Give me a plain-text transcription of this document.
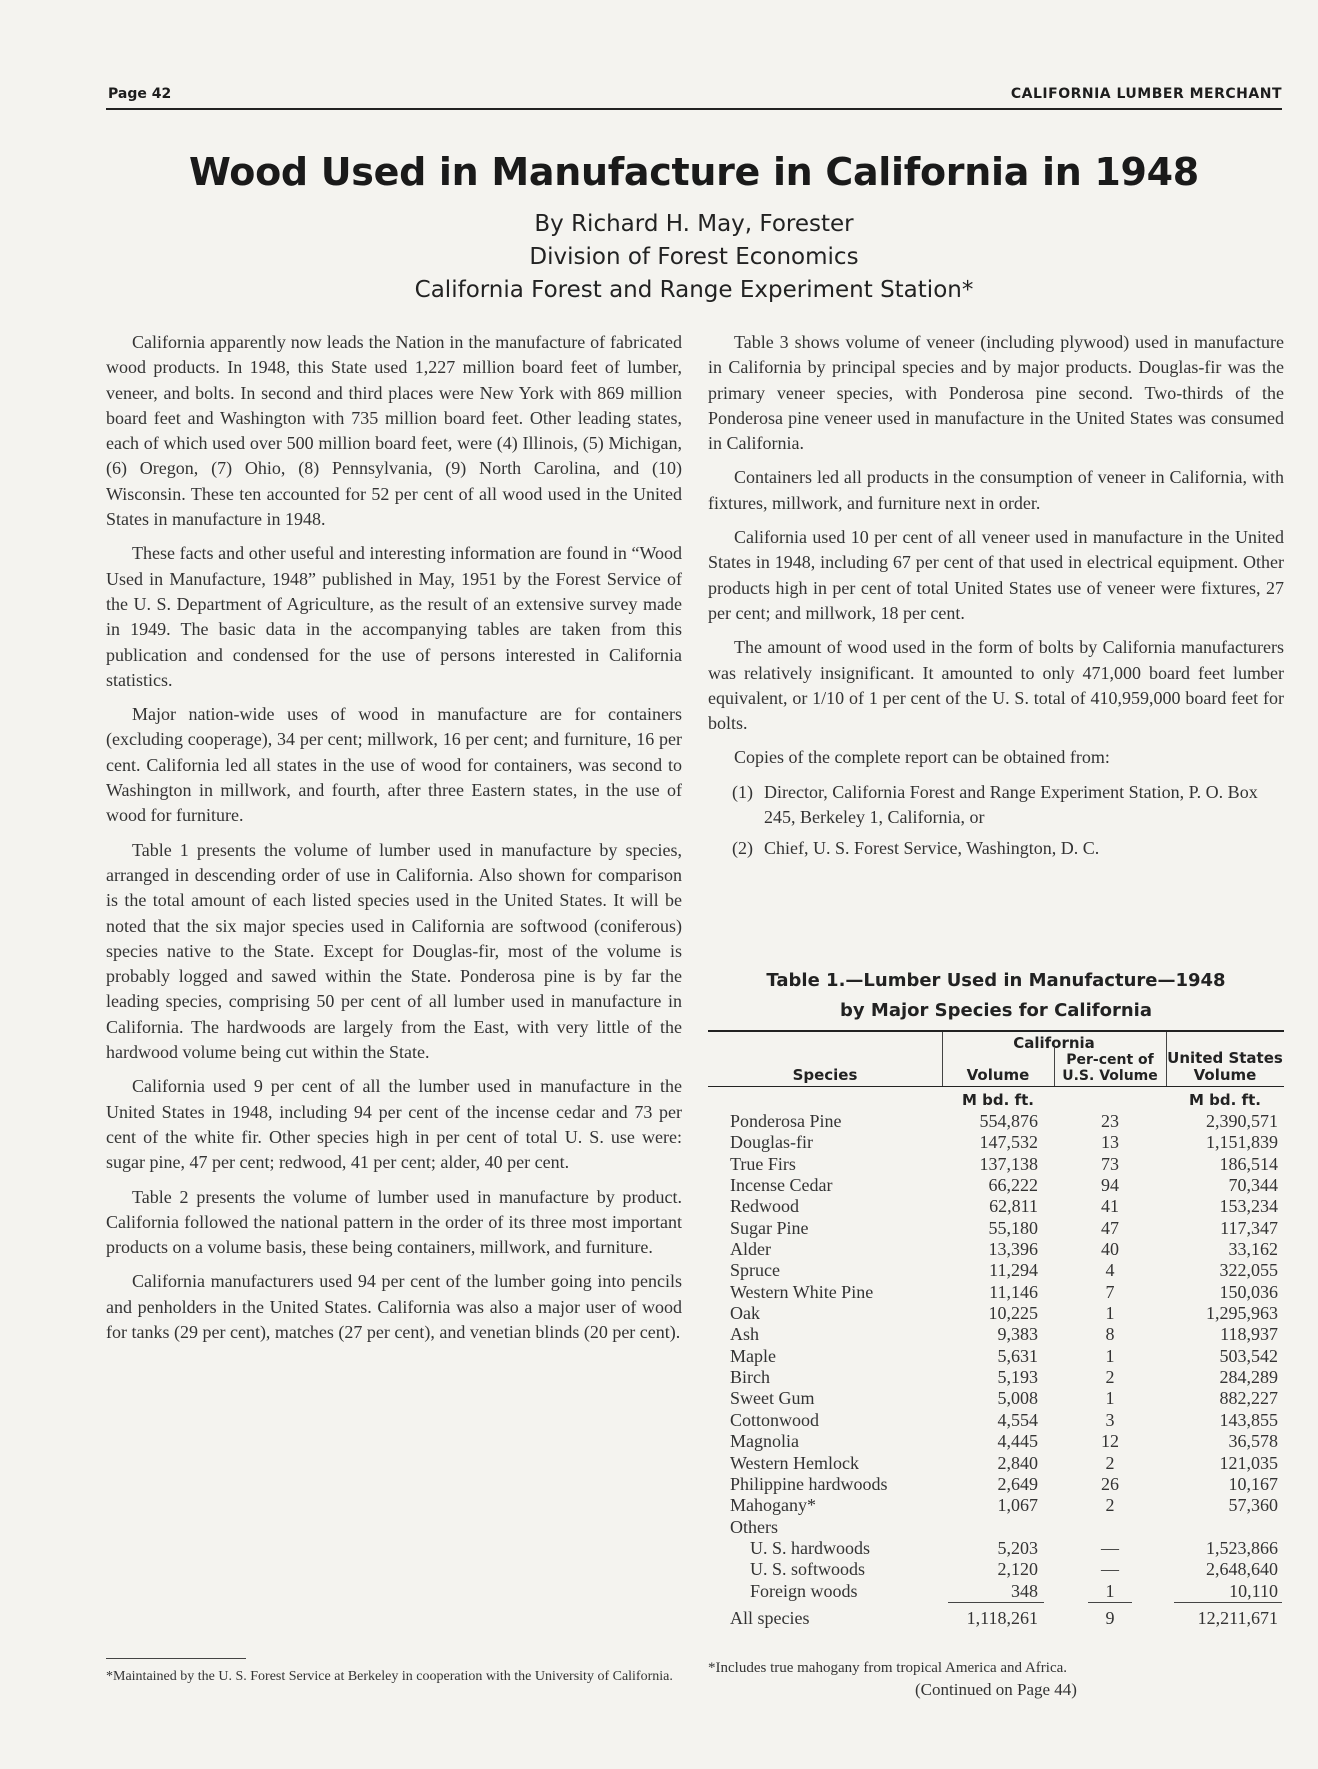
Page 42	CALIFORNIA LUMBER MERCHANT
Wood Used in Manufacture in California in 1948
By Richard H. May, Forester
Division of Forest Economics
California Forest and Range Experiment Station*

California apparently now leads the Nation in the manufacture of fabricated wood products. In 1948, this State used 1,227 million board feet of lumber, veneer, and bolts. In second and third places were New York with 869 million board feet and Washington with 735 million board feet. Other leading states, each of which used over 500 million board feet, were (4) Illinois, (5) Michigan, (6) Oregon, (7) Ohio, (8) Pennsylvania, (9) North Carolina, and (10) Wisconsin. These ten accounted for 52 per cent of all wood used in the United States in manufacture in 1948.

These facts and other useful and interesting information are found in “Wood Used in Manufacture, 1948” published in May, 1951 by the Forest Service of the U. S. Department of Agriculture, as the result of an extensive survey made in 1949. The basic data in the accompanying tables are taken from this publication and condensed for the use of persons interested in California statistics.

Major nation-wide uses of wood in manufacture are for containers (excluding cooperage), 34 per cent; millwork, 16 per cent; and furniture, 16 per cent. California led all states in the use of wood for containers, was second to Washington in millwork, and fourth, after three Eastern states, in the use of wood for furniture.

Table 1 presents the volume of lumber used in manufacture by species, arranged in descending order of use in California. Also shown for comparison is the total amount of each listed species used in the United States. It will be noted that the six major species used in California are softwood (coniferous) species native to the State. Except for Douglas-fir, most of the volume is probably logged and sawed within the State. Ponderosa pine is by far the leading species, comprising 50 per cent of all lumber used in manufacture in California. The hardwoods are largely from the East, with very little of the hardwood volume being cut within the State.

California used 9 per cent of all the lumber used in manufacture in the United States in 1948, including 94 per cent of the incense cedar and 73 per cent of the white fir. Other species high in per cent of total U. S. use were: sugar pine, 47 per cent; redwood, 41 per cent; alder, 40 per cent.

Table 2 presents the volume of lumber used in manufacture by product. California followed the national pattern in the order of its three most important products on a volume basis, these being containers, millwork, and furniture.

California manufacturers used 94 per cent of the lumber going into pencils and penholders in the United States. California was also a major user of wood for tanks (29 per cent), matches (27 per cent), and venetian blinds (20 per cent).

*Maintained by the U. S. Forest Service at Berkeley in cooperation with the University of California.

Table 3 shows volume of veneer (including plywood) used in manufacture in California by principal species and by major products. Douglas-fir was the primary veneer species, with Ponderosa pine second. Two-thirds of the Ponderosa pine veneer used in manufacture in the United States was consumed in California.

Containers led all products in the consumption of veneer in California, with fixtures, millwork, and furniture next in order.

California used 10 per cent of all veneer used in manufacture in the United States in 1948, including 67 per cent of that used in electrical equipment. Other products high in per cent of total United States use of veneer were fixtures, 27 per cent; and millwork, 18 per cent.

The amount of wood used in the form of bolts by California manufacturers was relatively insignificant. It amounted to only 471,000 board feet lumber equivalent, or 1/10 of 1 per cent of the U. S. total of 410,959,000 board feet for bolts.

Copies of the complete report can be obtained from:

(1) Director, California Forest and Range Experiment Station, P. O. Box 245, Berkeley 1, California, or

(2) Chief, U. S. Forest Service, Washington, D. C.

Table 1.—Lumber Used in Manufacture—1948
by Major Species for California
California
Species	Volume
Per-cent of
U.S. Volume
United States
Volume
M bd. ft.	M bd. ft.
Ponderosa Pine	554,876	23	2,390,571
Douglas-fir	147,532	13	1,151,839
True Firs	137,138	73	186,514
Incense Cedar	66,222	94	70,344
Redwood	62,811	41	153,234
Sugar Pine	55,180	47	117,347
Alder	13,396	40	33,162
Spruce	11,294	4	322,055
Western White Pine	11,146	7	150,036
Oak	10,225	1	1,295,963
Ash	9,383	8	118,937
Maple	5,631	1	503,542
Birch	5,193	2	284,289
Sweet Gum	5,008	1	882,227
Cottonwood	4,554	3	143,855
Magnolia	4,445	12	36,578
Western Hemlock	2,840	2	121,035
Philippine hardwoods	2,649	26	10,167
Mahogany*	1,067	2	57,360
Others
U. S. hardwoods	5,203	—	1,523,866
U. S. softwoods	2,120	—	2,648,640
Foreign woods	348	1	10,110
All species	1,118,261	9	12,211,671
*Includes true mahogany from tropical America and Africa.
(Continued on Page 44)
